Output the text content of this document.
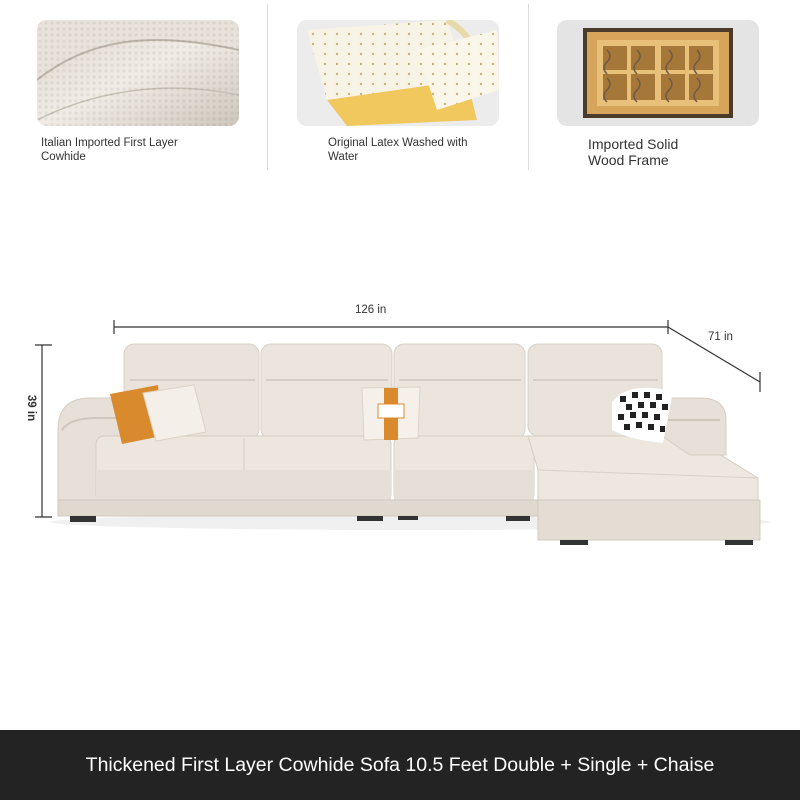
Italian Imported First Layer Cowhide
Original Latex Washed with Water
Imported Solid Wood Frame
126 in
71 in
39 in
Thickened First Layer Cowhide Sofa 10.5 Feet Double + Single + Chaise
